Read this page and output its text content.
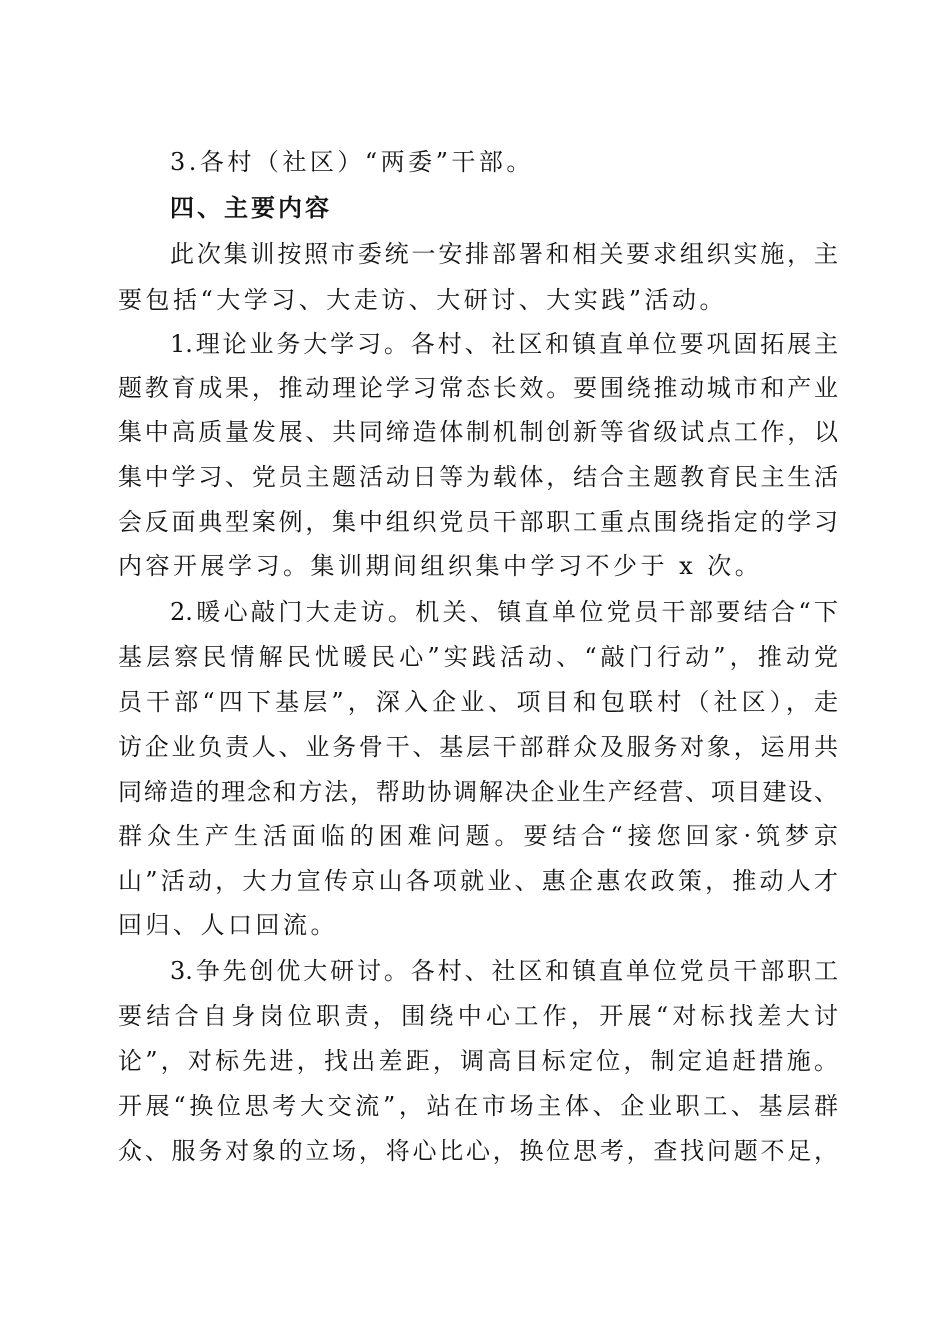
3.各村（社区）“两委”干部。
四、主要内容
此次集训按照市委统一安排部署和相关要求组织实施，主
要包括“大学习、大走访、大研讨、大实践”活动。
1.理论业务大学习。各村、社区和镇直单位要巩固拓展主
题教育成果，推动理论学习常态长效。要围绕推动城市和产业
集中高质量发展、共同缔造体制机制创新等省级试点工作，以
集中学习、党员主题活动日等为载体，结合主题教育民主生活
会反面典型案例，集中组织党员干部职工重点围绕指定的学习
内容开展学习。集训期间组织集中学习不少于 x 次。
2.暖心敲门大走访。机关、镇直单位党员干部要结合“下
基层察民情解民忧暖民心”实践活动、“敲门行动”，推动党
员干部“四下基层”，深入企业、项目和包联村（社区），走
访企业负责人、业务骨干、基层干部群众及服务对象，运用共
同缔造的理念和方法，帮助协调解决企业生产经营、项目建设、
群众生产生活面临的困难问题。要结合“接您回家·筑梦京
山”活动，大力宣传京山各项就业、惠企惠农政策，推动人才
回归、人口回流。
3.争先创优大研讨。各村、社区和镇直单位党员干部职工
要结合自身岗位职责，围绕中心工作，开展“对标找差大讨
论”，对标先进，找出差距，调高目标定位，制定追赶措施。
开展“换位思考大交流”，站在市场主体、企业职工、基层群
众、服务对象的立场，将心比心，换位思考，查找问题不足，
